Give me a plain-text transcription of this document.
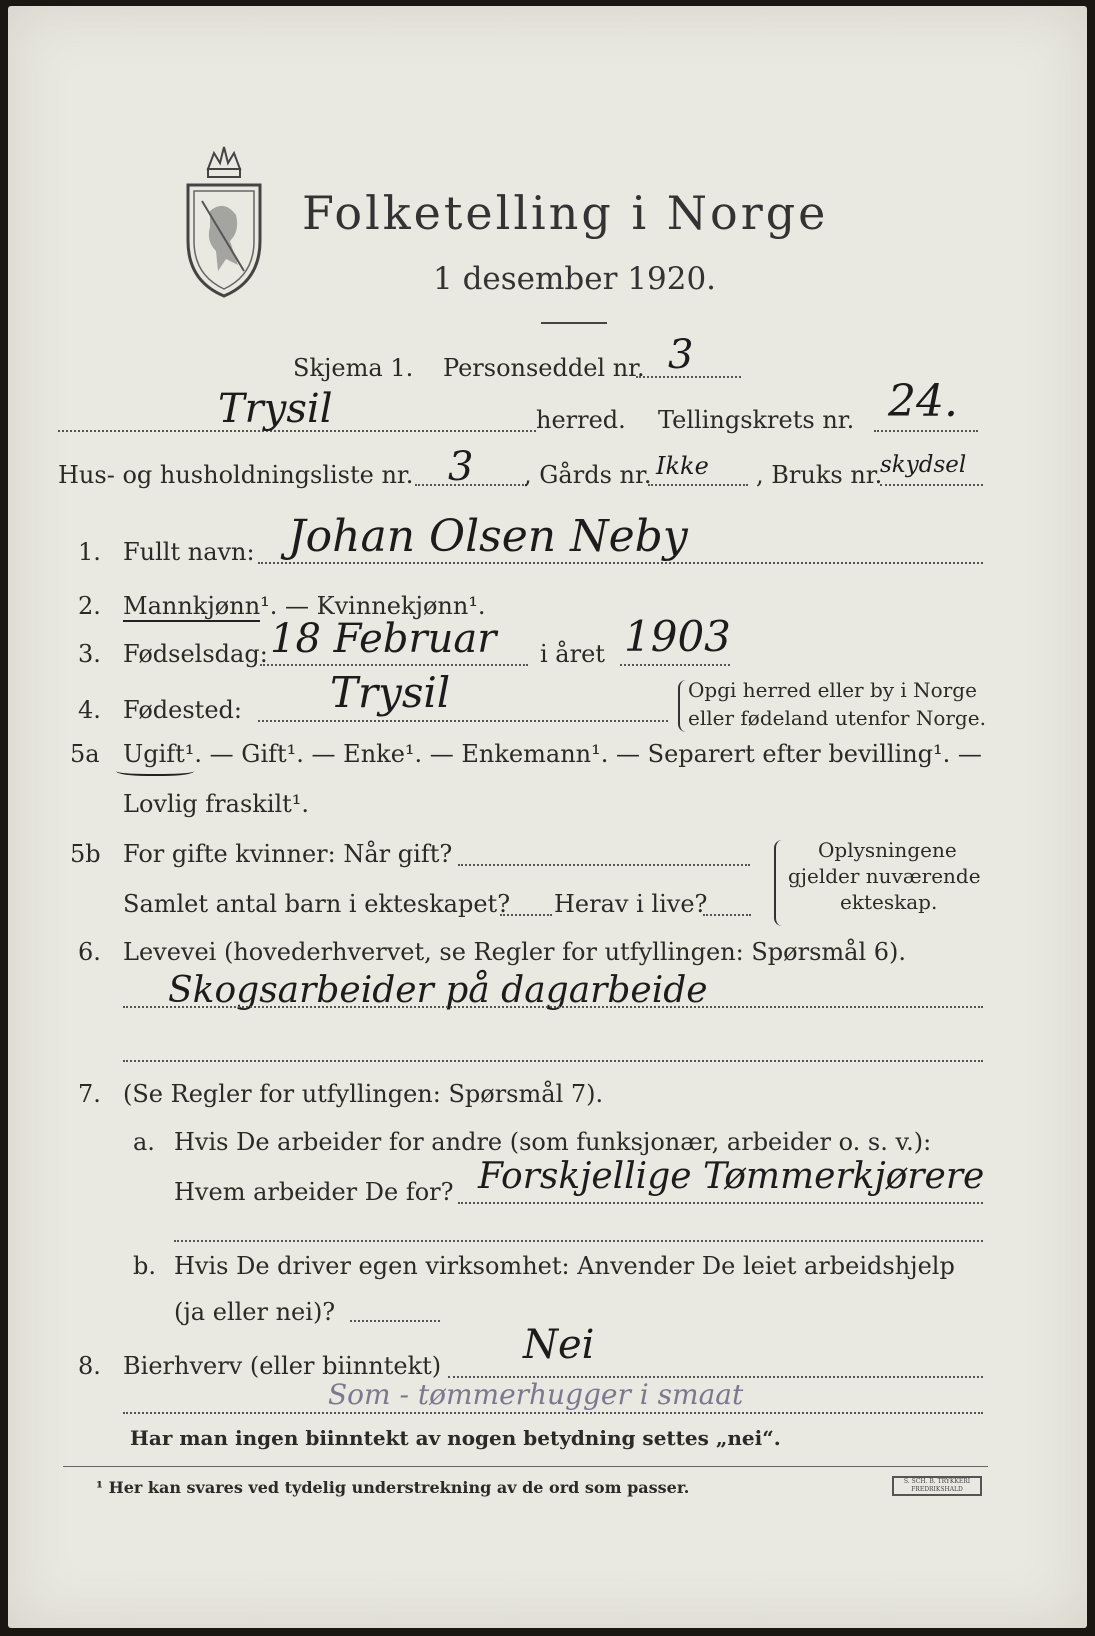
Folketelling i Norge
1 desember 1920.
Skjema 1. Personseddel nr. 3
Trysil	herred. Tellingskrets nr. 24.
Hus- og husholdningsliste nr. 3 , Gårds nr. Ikke , Bruks nr.
skydsel
1. Fullt navn: Johan Olsen Neby
2. Mannkjønn¹. — Kvinnekjønn¹.
3. Fødselsdag: 18 Februar i året 1903
4. Fødested: Trysil	Opgi herred eller by i Norge
eller fødeland utenfor Norge.
5a Ugift¹. — Gift¹. — Enke¹. — Enkemann¹. — Separert efter bevilling¹. —
Lovlig fraskilt¹.
5b For gifte kvinner: Når gift?
Samlet antal barn i ekteskapet? Herav i live?
Oplysningene
gjelder nuværende
ekteskap.
6. Levevei (hovederhvervet, se Regler for utfyllingen: Spørsmål 6).
Skogsarbeider på dagarbeide
7. (Se Regler for utfyllingen: Spørsmål 7).
a. Hvis De arbeider for andre (som funksjonær, arbeider o. s. v.):
Hvem arbeider De for? Forskjellige Tømmerkjørere
b. Hvis De driver egen virksomhet: Anvender De leiet arbeidshjelp
(ja eller nei)?
8. Bierhverv (eller biinntekt) Nei
Som - tømmerhugger i smaat
Har man ingen biinntekt av nogen betydning settes „nei“.
¹ Her kan svares ved tydelig understrekning av de ord som passer.	S. SCH. B. TRYKKERI FREDRIKSHALD
